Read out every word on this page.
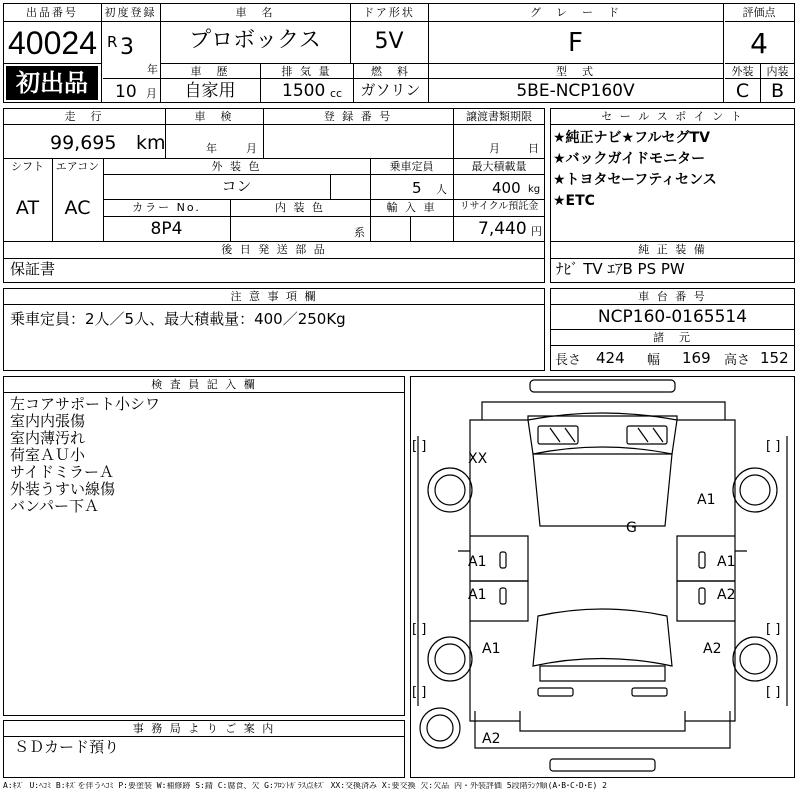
出品番号
40024
初出品
初度登録
R 3
年
10 月
車　名
プロボックス
ドア形状
5V
グ　レ　ー　ド
F
評価点
4
車　歴
自家用
排 気 量
1500 cc
燃　料
ガソリン
型　式
5BE-NCP160V
外装	内装
C	B
走　行
99,695 km
車　検
年	月
登 録 番 号	譲渡書類期限
月	日
シフト	エアコン
AT	AC
外 装 色
コン
乗車定員
5 人
最大積載量
400 kg
カラー No.
8P4
内 装 色
系
輸 入 車	リサイクル預託金
7,440 円
後 日 発 送 部 品
保証書
セ ー ル ス ポ イ ン ト
★純正ナビ★フルセグTV
★バックガイドモニター
★トヨタセーフティセンス
★ETC
純 正 装 備
ﾅﾋﾞ TV ｴｱB PS PW
注 意 事 項 欄
乗車定員：2人／5人、最大積載量：400／250Kg
車 台 番 号
NCP160-0165514
諸　元
長さ 424 幅 169 高さ 152
検 査 員 記 入 欄
左コアサポート小シワ
室内内張傷
室内薄汚れ
荷室ＡＵ小
サイドミラーＡ
外装うすい線傷
バンパー下Ａ
事 務 局 よ り ご 案 内
ＳＤカード預り
[ ]	[ ]
[ ]	[ ]
[ ]	[ ]
XX
A1
G
A1	A1
A1	A2
A1	A2
A2
A:ｷｽﾞ U:ﾍｺﾐ B:ｷｽﾞを伴うﾍｺﾐ P:要塗装 W:補修跡 S:錆 C:腐食、欠 G:ﾌﾛﾝﾄｶﾞﾗｽ点ｷｽﾞ XX:交換済み X:要交換 欠:欠品 内・外装評価 5段階ﾗﾝｸ順(A･B･C･D･E) 2
